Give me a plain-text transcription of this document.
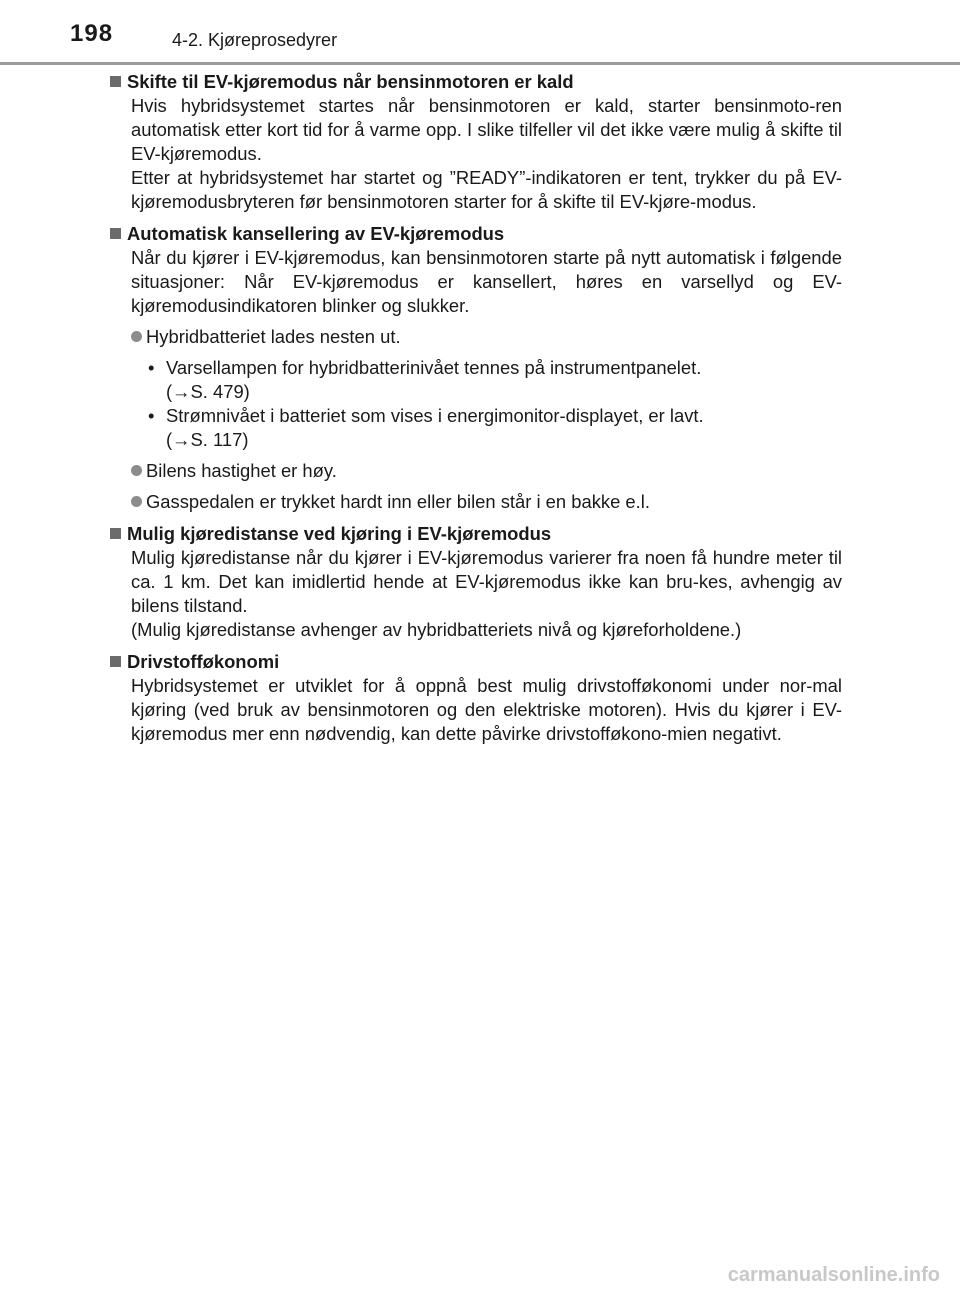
198	4-2. Kjøreprosedyrer
Skifte til EV-kjøremodus når bensinmotoren er kald
Hvis hybridsystemet startes når bensinmotoren er kald, starter bensinmoto-ren automatisk etter kort tid for å varme opp. I slike tilfeller vil det ikke være mulig å skifte til EV-kjøremodus.
Etter at hybridsystemet har startet og ”READY”-indikatoren er tent, trykker du på EV-kjøremodusbryteren før bensinmotoren starter for å skifte til EV-kjøre-modus.
Automatisk kansellering av EV-kjøremodus
Når du kjører i EV-kjøremodus, kan bensinmotoren starte på nytt automatisk i følgende situasjoner: Når EV-kjøremodus er kansellert, høres en varsellyd og EV-kjøremodusindikatoren blinker og slukker.
Hybridbatteriet lades nesten ut.
• Varsellampen for hybridbatterinivået tennes på instrumentpanelet.
(→S. 479)
• Strømnivået i batteriet som vises i energimonitor-displayet, er lavt.
(→S. 117)
Bilens hastighet er høy.
Gasspedalen er trykket hardt inn eller bilen står i en bakke e.l.
Mulig kjøredistanse ved kjøring i EV-kjøremodus
Mulig kjøredistanse når du kjører i EV-kjøremodus varierer fra noen få hundre meter til ca. 1 km. Det kan imidlertid hende at EV-kjøremodus ikke kan bru-kes, avhengig av bilens tilstand.
(Mulig kjøredistanse avhenger av hybridbatteriets nivå og kjøreforholdene.)
Drivstofføkonomi
Hybridsystemet er utviklet for å oppnå best mulig drivstofføkonomi under nor-mal kjøring (ved bruk av bensinmotoren og den elektriske motoren). Hvis du kjører i EV-kjøremodus mer enn nødvendig, kan dette påvirke drivstofføkono-mien negativt.
carmanualsonline.info
